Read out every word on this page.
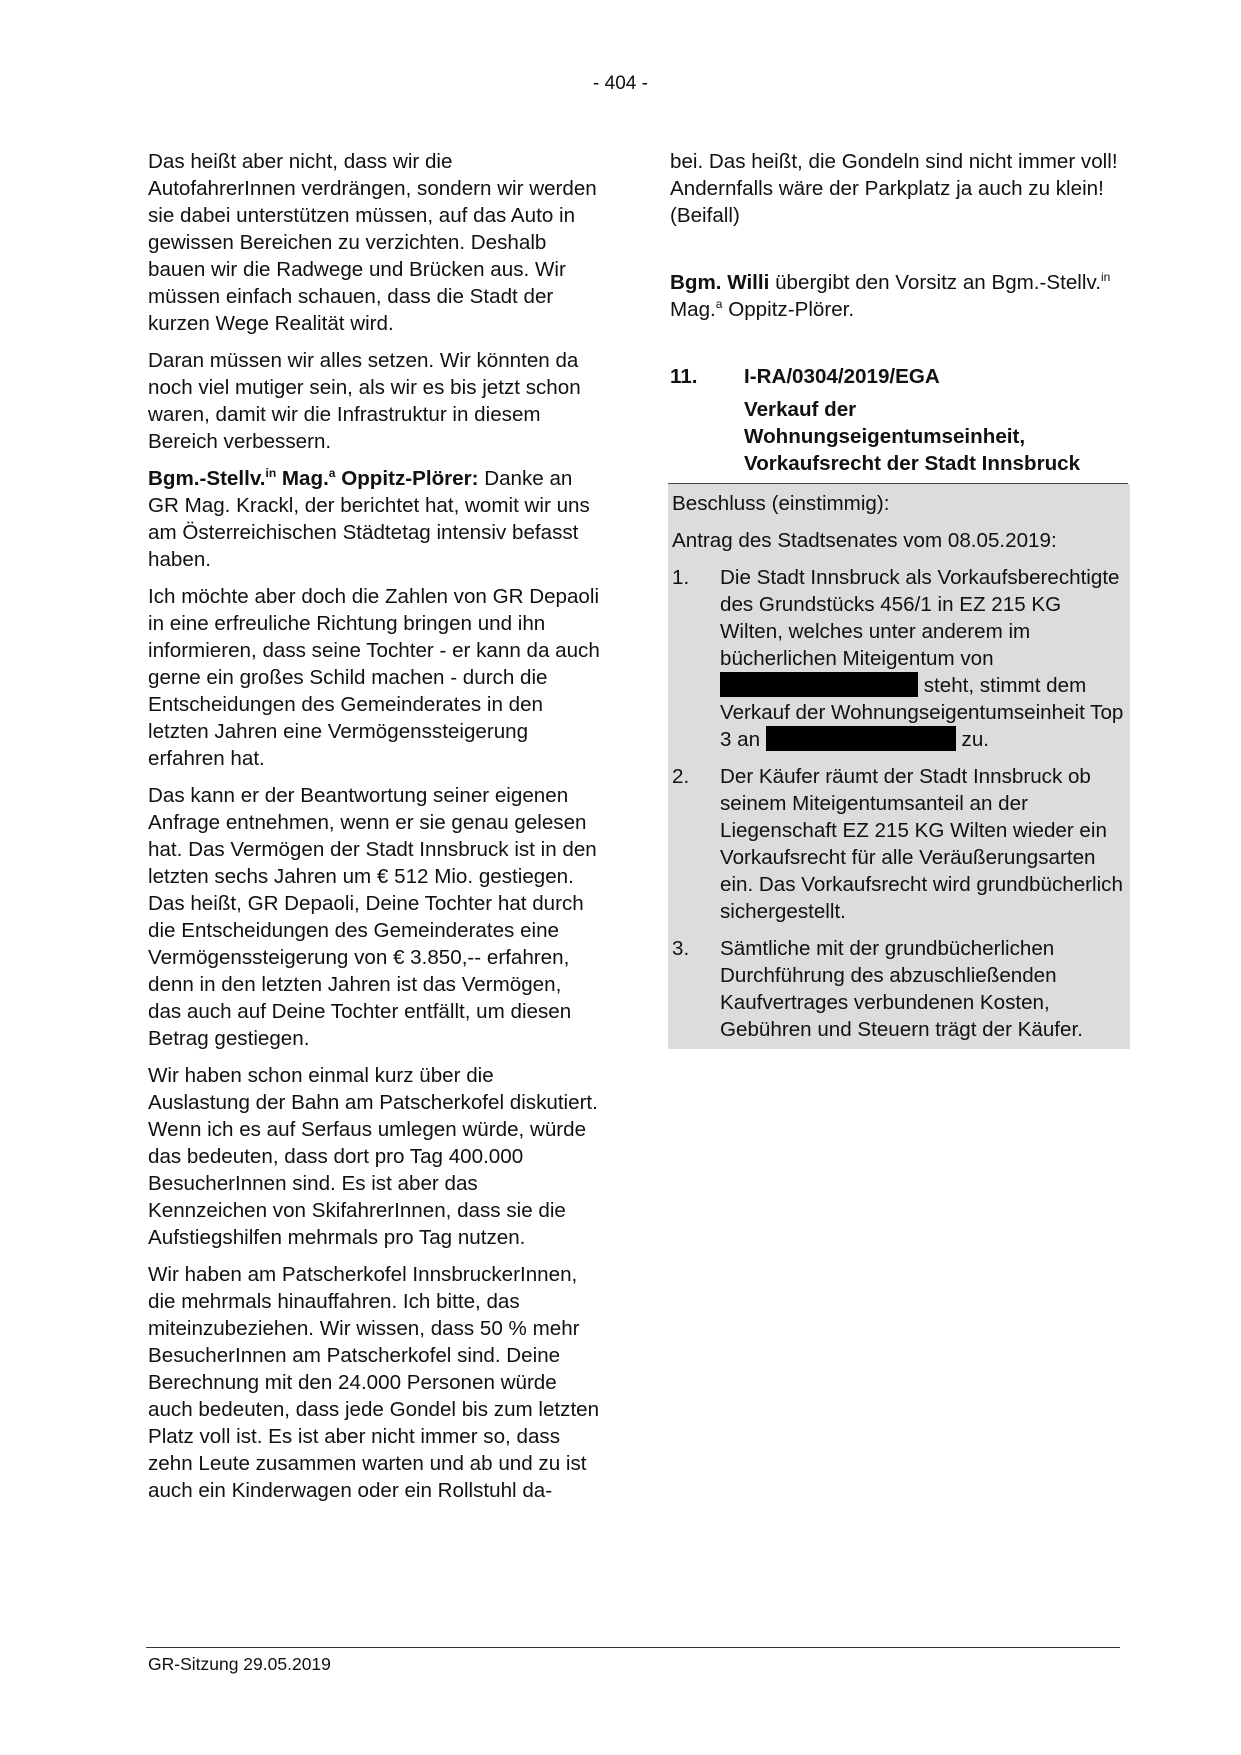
- 404 -

Das heißt aber nicht, dass wir die AutofahrerInnen verdrängen, sondern wir werden sie dabei unterstützen müssen, auf das Auto in gewissen Bereichen zu verzichten. Deshalb bauen wir die Radwege und Brücken aus. Wir müssen einfach schauen, dass die Stadt der kurzen Wege Realität wird.

Daran müssen wir alles setzen. Wir könnten da noch viel mutiger sein, als wir es bis jetzt schon waren, damit wir die Infrastruktur in diesem Bereich verbessern.

Bgm.-Stellv.$^{in}$ Mag.$^a$ Oppitz-Plörer: Danke an GR Mag. Krackl, der berichtet hat, womit wir uns am Österreichischen Städtetag intensiv befasst haben.

Ich möchte aber doch die Zahlen von GR Depaoli in eine erfreuliche Richtung bringen und ihn informieren, dass seine Tochter - er kann da auch gerne ein großes Schild machen - durch die Entscheidungen des Gemeinderates in den letzten Jahren eine Vermögenssteigerung erfahren hat.

Das kann er der Beantwortung seiner eigenen Anfrage entnehmen, wenn er sie genau gelesen hat. Das Vermögen der Stadt Innsbruck ist in den letzten sechs Jahren um € 512 Mio. gestiegen. Das heißt, GR Depaoli, Deine Tochter hat durch die Entscheidungen des Gemeinderates eine Vermögenssteigerung von € 3.850,-- erfahren, denn in den letzten Jahren ist das Vermögen, das auch auf Deine Tochter entfällt, um diesen Betrag gestiegen.

Wir haben schon einmal kurz über die Auslastung der Bahn am Patscherkofel diskutiert. Wenn ich es auf Serfaus umlegen würde, würde das bedeuten, dass dort pro Tag 400.000 BesucherInnen sind. Es ist aber das Kennzeichen von SkifahrerInnen, dass sie die Aufstiegshilfen mehrmals pro Tag nutzen.

Wir haben am Patscherkofel InnsbruckerInnen, die mehrmals hinauffahren. Ich bitte, das miteinzubeziehen. Wir wissen, dass 50 % mehr BesucherInnen am Patscherkofel sind. Deine Berechnung mit den 24.000 Personen würde auch bedeuten, dass jede Gondel bis zum letzten Platz voll ist. Es ist aber nicht immer so, dass zehn Leute zusammen warten und ab und zu ist auch ein Kinderwagen oder ein Rollstuhl da-

bei. Das heißt, die Gondeln sind nicht immer voll! Andernfalls wäre der Parkplatz ja auch zu klein! (Beifall)

Bgm. Willi übergibt den Vorsitz an Bgm.-Stellv.$^{in}$ Mag.$^a$ Oppitz-Plörer.

11.	I-RA/0304/2019/EGA
Verkauf der Wohnungseigentumseinheit, Vorkaufsrecht der Stadt Innsbruck

Beschluss (einstimmig):

Antrag des Stadtsenates vom 08.05.2019:

1.	Die Stadt Innsbruck als Vorkaufsberechtigte des Grundstücks 456/1 in EZ 215 KG Wilten, welches unter anderem im bücherlichen Miteigentum von  steht, stimmt dem Verkauf der Wohnungseigentumseinheit Top 3 an	zu.
2.	Der Käufer räumt der Stadt Innsbruck ob seinem Miteigentumsanteil an der Liegenschaft EZ 215 KG Wilten wieder ein Vorkaufsrecht für alle Veräußerungsarten ein. Das Vorkaufsrecht wird grundbücherlich sichergestellt.
3.	Sämtliche mit der grundbücherlichen Durchführung des abzuschließenden Kaufvertrages verbundenen Kosten, Gebühren und Steuern trägt der Käufer.
GR-Sitzung 29.05.2019
